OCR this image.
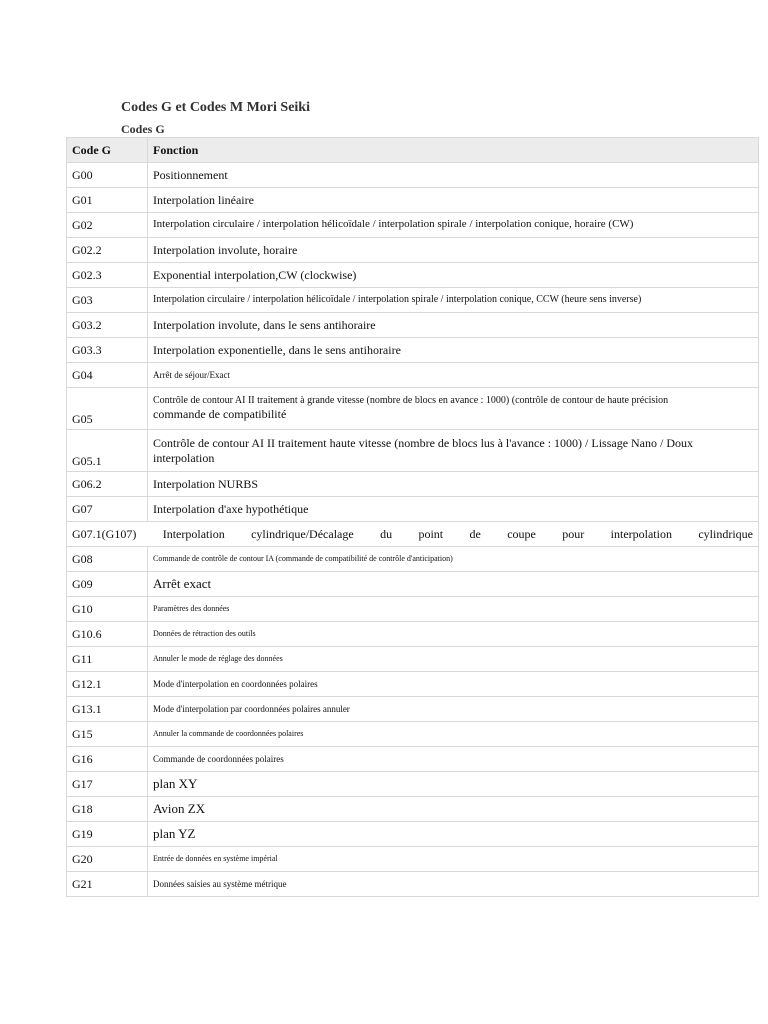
Codes G et Codes M Mori Seiki
Codes G
Code G	Fonction
G00	Positionnement
G01	Interpolation linéaire
G02	Interpolation circulaire / interpolation hélicoïdale / interpolation spirale / interpolation conique, horaire (CW)
G02.2	Interpolation involute, horaire
G02.3	Exponential interpolation,CW (clockwise)
G03	Interpolation circulaire / interpolation hélicoïdale / interpolation spirale / interpolation conique, CCW (heure sens inverse)
G03.2	Interpolation involute, dans le sens antihoraire
G03.3	Interpolation exponentielle, dans le sens antihoraire
G04	Arrêt de séjour/Exact
G05	Contrôle de contour AI II traitement à grande vitesse (nombre de blocs en avance : 1000) (contrôle de contour de haute précision
commande de compatibilité

G05.1	Contrôle de contour AI II traitement haute vitesse (nombre de blocs lus à l'avance : 1000) / Lissage Nano / Doux interpolation
G06.2	Interpolation NURBS
G07	Interpolation d'axe hypothétique
G07.1(G107) Interpolation cylindrique/Décalage du point de coupe pour interpolation cylindrique	
G08	Commande de contrôle de contour IA (commande de compatibilité de contrôle d'anticipation)
G09	Arrêt exact
G10	Paramètres des données
G10.6	Données de rétraction des outils
G11	Annuler le mode de réglage des données
G12.1	Mode d'interpolation en coordonnées polaires
G13.1	Mode d'interpolation par coordonnées polaires annuler
G15	Annuler la commande de coordonnées polaires
G16	Commande de coordonnées polaires
G17	plan XY
G18	Avion ZX
G19	plan YZ
G20	Entrée de données en système impérial
G21	Données saisies au système métrique
